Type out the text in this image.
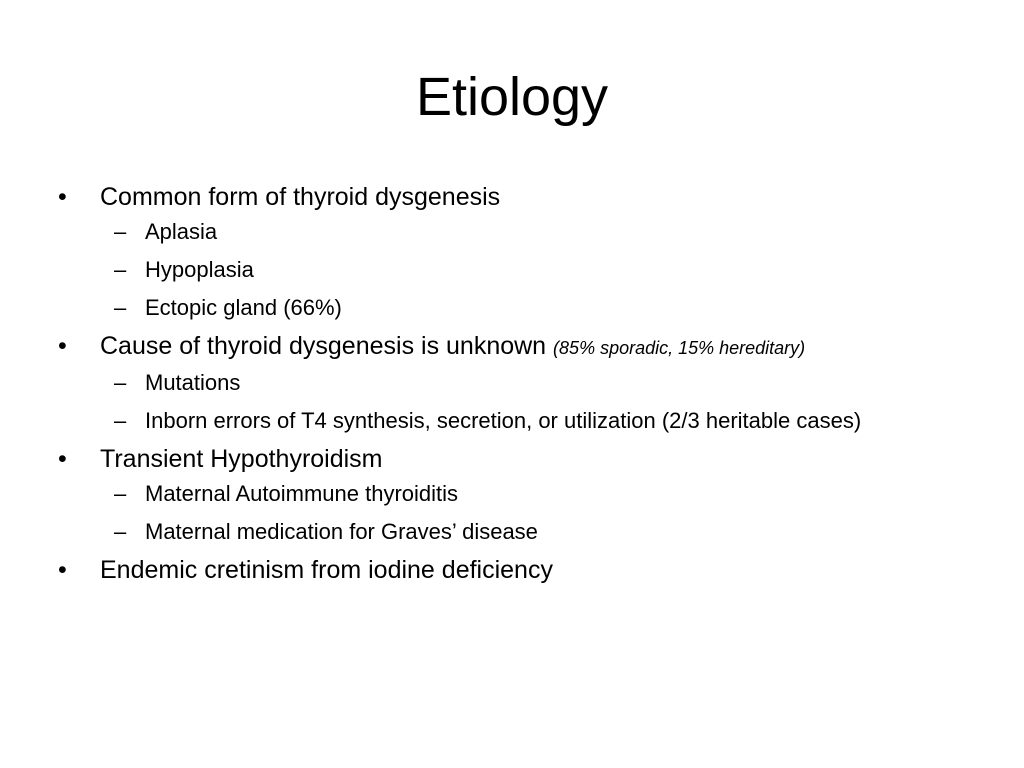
Etiology
•	Common form of thyroid dysgenesis
– Aplasia
– Hypoplasia
– Ectopic gland (66%)
•	Cause of thyroid dysgenesis is unknown (85% sporadic, 15% hereditary)
– Mutations
– Inborn errors of T4 synthesis, secretion, or utilization (2/3 heritable cases)
•	Transient Hypothyroidism
– Maternal Autoimmune thyroiditis
– Maternal medication for Graves’ disease
•	Endemic cretinism from iodine deficiency
